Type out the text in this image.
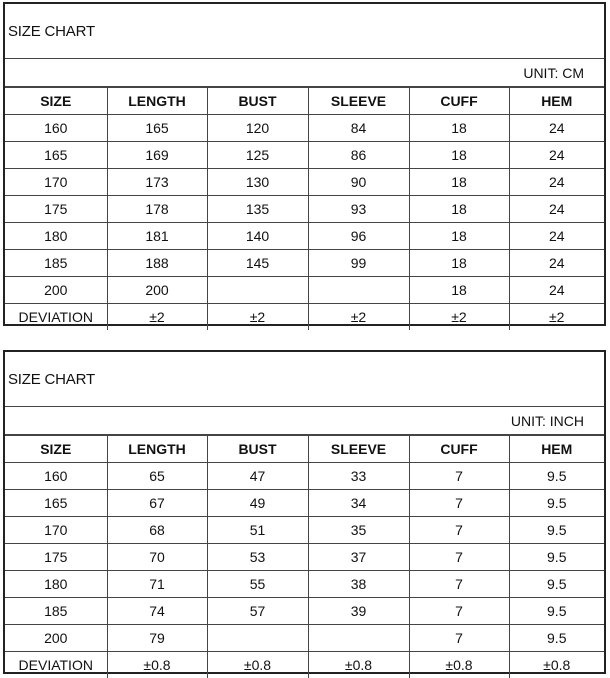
SIZE CHART
UNIT: CM
SIZE	LENGTH	BUST	SLEEVE	CUFF	HEM
160	165	120	84	18	24
165	169	125	86	18	24
170	173	130	90	18	24
175	178	135	93	18	24
180	181	140	96	18	24
185	188	145	99	18	24
200	200			18	24
DEVIATION	±2	±2	±2	±2	±2
SIZE CHART
UNIT: INCH
SIZE	LENGTH	BUST	SLEEVE	CUFF	HEM
160	65	47	33	7	9.5
165	67	49	34	7	9.5
170	68	51	35	7	9.5
175	70	53	37	7	9.5
180	71	55	38	7	9.5
185	74	57	39	7	9.5
200	79			7	9.5
DEVIATION	±0.8	±0.8	±0.8	±0.8	±0.8
